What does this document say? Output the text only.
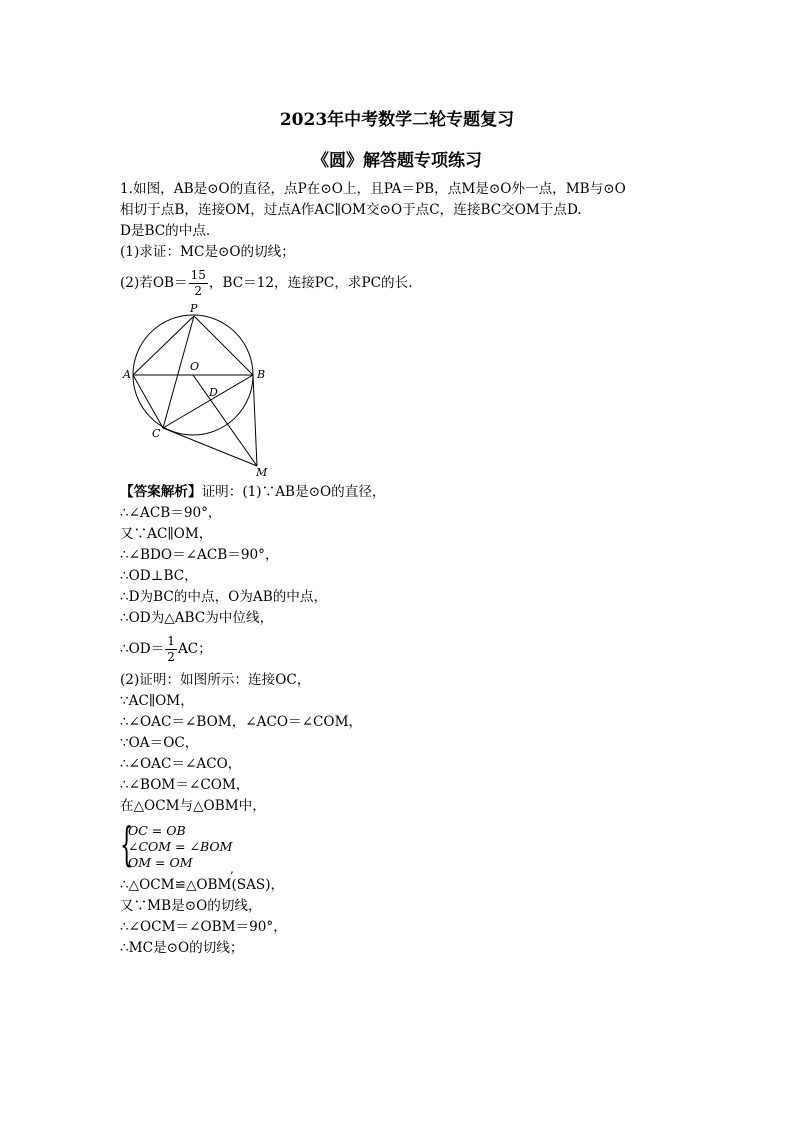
2023年中考数学二轮专题复习
《圆》解答题专项练习
1.如图，AB是⊙O的直径，点P在⊙O上，且PA＝PB，点M是⊙O外一点，MB与⊙O
相切于点B，连接OM，过点A作AC∥OM交⊙O于点C，连接BC交OM于点D.
D是BC的中点.
(1)求证：MC是⊙O的切线；
(2)若$OB= \frac{15}{2}$ ，BC＝12，连接PC，求PC的长.
P
O
A	B
D
C
M
【答案解析】证明：(1)∵AB是⊙O的直径，
∴∠ACB＝90°，
又∵AC∥OM，
∴∠BDO＝∠ACB＝90°，
∴OD⊥BC，
∴D为BC的中点，O为AB的中点，
∴OD为△ABC为中位线，
∴OD＝ $\frac{1}{2}$ AC；
(2)证明：如图所示：连接OC，
∵AC∥OM，
∴∠OAC＝∠BOM，∠ACO＝∠COM，
∵OA＝OC，
∴∠OAC＝∠ACO，
∴∠BOM＝∠COM，
在△OCM与△OBM中，
{
OC = OB
∠COM = ∠BOM
OM = OM	,
∴△OCM≌△OBM(SAS)，
又∵MB是⊙O的切线，
∴∠OCM＝∠OBM＝90°，
∴MC是⊙O的切线；
